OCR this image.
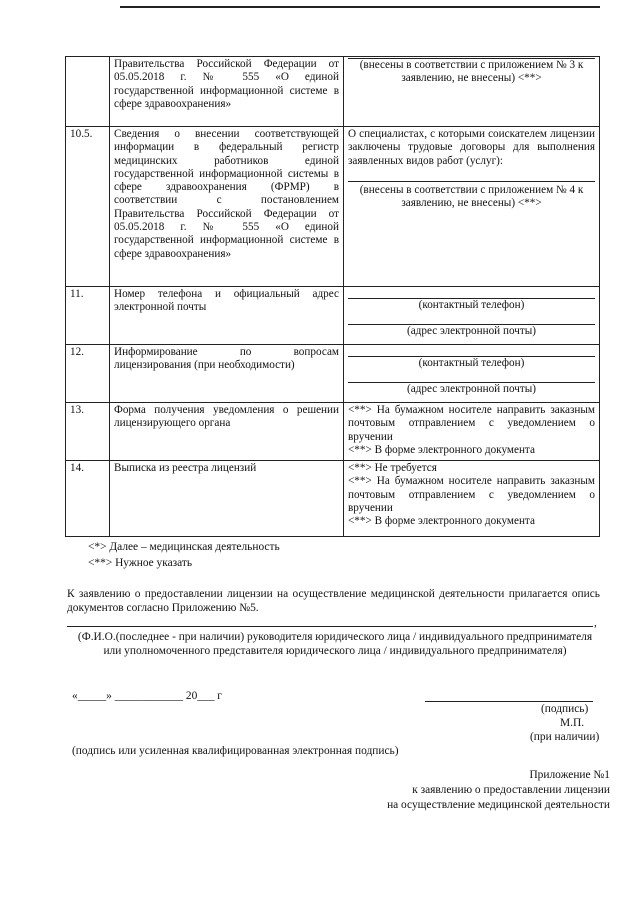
	Правительства Российской Федерации от 05.05.2018 г. № 555 «О единой государственной информационной системе в сфере здравоохранения»	(внесены в соответствии с приложением № 3 к заявлению, не внесены) <**>

10.5.	Сведения о внесении соответствующей информации в федеральный регистр медицинских работников единой государственной информационной системы в сфере здравоохранения (ФРМР) в соответствии с постановлением Правительства Российской Федерации от 05.05.2018 г. № 555 «О единой государственной информационной системе в сфере здравоохранения»	О специалистах, с которыми соискателем лицензии заключены трудовые договоры для выполнения заявленных видов работ (услуг):
(внесены в соответствии с приложением № 4 к заявлению, не внесены) <**>

11.	Номер телефона и официальный адрес электронной почты	(контактный телефон)
(адрес электронной почты)

12.	Информирование по вопросам лицензирования (при необходимости)	(контактный телефон)
(адрес электронной почты)

13.	Форма получения уведомления о решении лицензирующего органа	<**> На бумажном носителе направить заказным почтовым отправлением с уведомлением о вручении
<**> В форме электронного документа

14.	Выписка из реестра лицензий	<**> Не требуется
<**> На бумажном носителе направить заказным почтовым отправлением с уведомлением о вручении
<**> В форме электронного документа
<*> Далее – медицинская деятельность
<**> Нужное указать
К заявлению о предоставлении лицензии на осуществление медицинской деятельности прилагается опись документов согласно Приложению №5.
,
(Ф.И.О.(последнее - при наличии) руководителя юридического лица / индивидуального предпринимателя или уполномоченного представителя юридического лица / индивидуального предпринимателя)
«_____» ____________ 20___ г
(подпись)
М.П.
(при наличии)
(подпись или усиленная квалифицированная электронная подпись)
Приложение №1
к заявлению о предоставлении лицензии
на осуществление медицинской деятельности
